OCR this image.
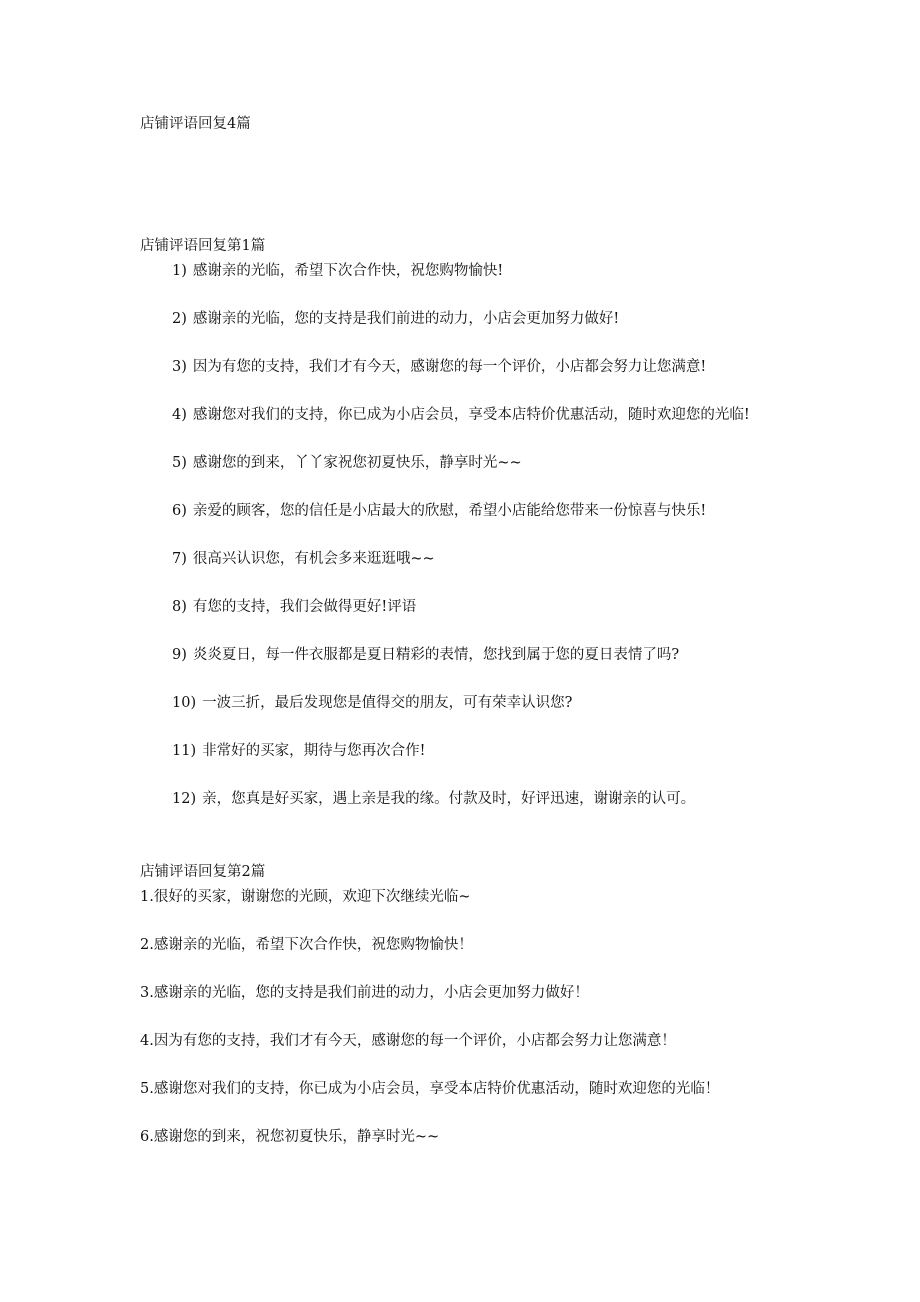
店铺评语回复4篇
店铺评语回复第1篇
1) 感谢亲的光临，希望下次合作快，祝您购物愉快!
2) 感谢亲的光临，您的支持是我们前进的动力，小店会更加努力做好!
3) 因为有您的支持，我们才有今天，感谢您的每一个评价，小店都会努力让您满意!
4) 感谢您对我们的支持，你已成为小店会员，享受本店特价优惠活动，随时欢迎您的光临!
5) 感谢您的到来，丫丫家祝您初夏快乐，静享时光~~
6) 亲爱的顾客，您的信任是小店最大的欣慰，希望小店能给您带来一份惊喜与快乐!
7) 很高兴认识您，有机会多来逛逛哦~~
8) 有您的支持，我们会做得更好!评语
9) 炎炎夏日，每一件衣服都是夏日精彩的表情，您找到属于您的夏日表情了吗?
10) 一波三折，最后发现您是值得交的朋友，可有荣幸认识您?
11) 非常好的买家，期待与您再次合作!
12) 亲，您真是好买家，遇上亲是我的缘。付款及时，好评迅速，谢谢亲的认可。
店铺评语回复第2篇
1.很好的买家，谢谢您的光顾，欢迎下次继续光临~
2.感谢亲的光临，希望下次合作快，祝您购物愉快！
3.感谢亲的光临，您的支持是我们前进的动力，小店会更加努力做好！
4.因为有您的支持，我们才有今天，感谢您的每一个评价，小店都会努力让您满意！
5.感谢您对我们的支持，你已成为小店会员，享受本店特价优惠活动，随时欢迎您的光临！
6.感谢您的到来，祝您初夏快乐，静享时光~~
